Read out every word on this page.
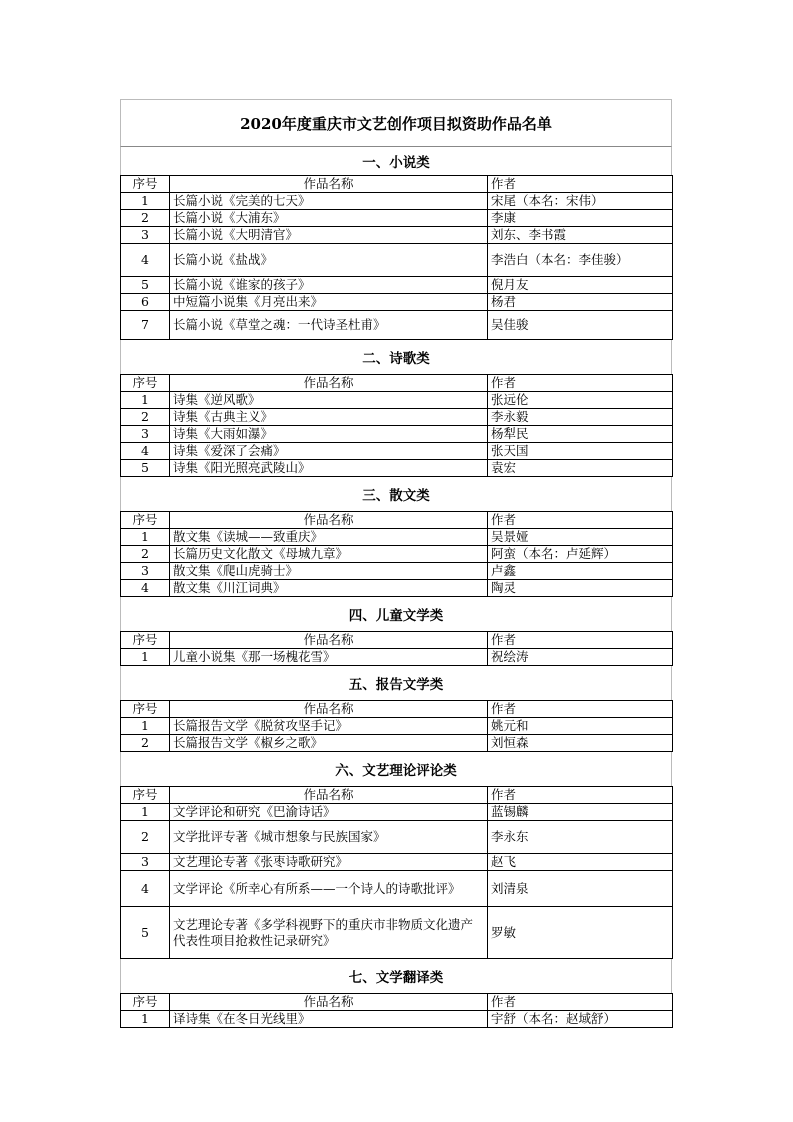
2020年度重庆市文艺创作项目拟资助作品名单
一、小说类
序号	作品名称	作者
1	长篇小说《完美的七天》	宋尾（本名：宋伟）
2	长篇小说《大浦东》	李康
3	长篇小说《大明清官》	刘东、李书霞
4	长篇小说《盐战》	李浩白（本名：李佳骏）
5	长篇小说《谁家的孩子》	倪月友
6	中短篇小说集《月亮出来》	杨君
7	长篇小说《草堂之魂：一代诗圣杜甫》	吴佳骏
二、诗歌类
序号	作品名称	作者
1	诗集《逆风歌》	张远伦
2	诗集《古典主义》	李永毅
3	诗集《大雨如瀑》	杨犁民
4	诗集《爱深了会痛》	张天国
5	诗集《阳光照亮武陵山》	袁宏
三、散文类
序号	作品名称	作者
1	散文集《读城——致重庆》	吴景娅
2	长篇历史文化散文《母城九章》	阿蛮（本名：卢延辉）
3	散文集《爬山虎骑士》	卢鑫
4	散文集《川江词典》	陶灵
四、儿童文学类
序号	作品名称	作者
1	儿童小说集《那一场槐花雪》	祝绘涛
五、报告文学类
序号	作品名称	作者
1	长篇报告文学《脱贫攻坚手记》	姚元和
2	长篇报告文学《椒乡之歌》	刘恒森
六、文艺理论评论类
序号	作品名称	作者
1	文学评论和研究《巴渝诗话》	蓝锡麟
2	文学批评专著《城市想象与民族国家》	李永东
3	文艺理论专著《张枣诗歌研究》	赵飞
4	文学评论《所幸心有所系——一个诗人的诗歌批评》	刘清泉
5	文艺理论专著《多学科视野下的重庆市非物质文化遗产代表性项目抢救性记录研究》	罗敏
七、文学翻译类
序号	作品名称	作者
1	译诗集《在冬日光线里》	宇舒（本名：赵域舒）
